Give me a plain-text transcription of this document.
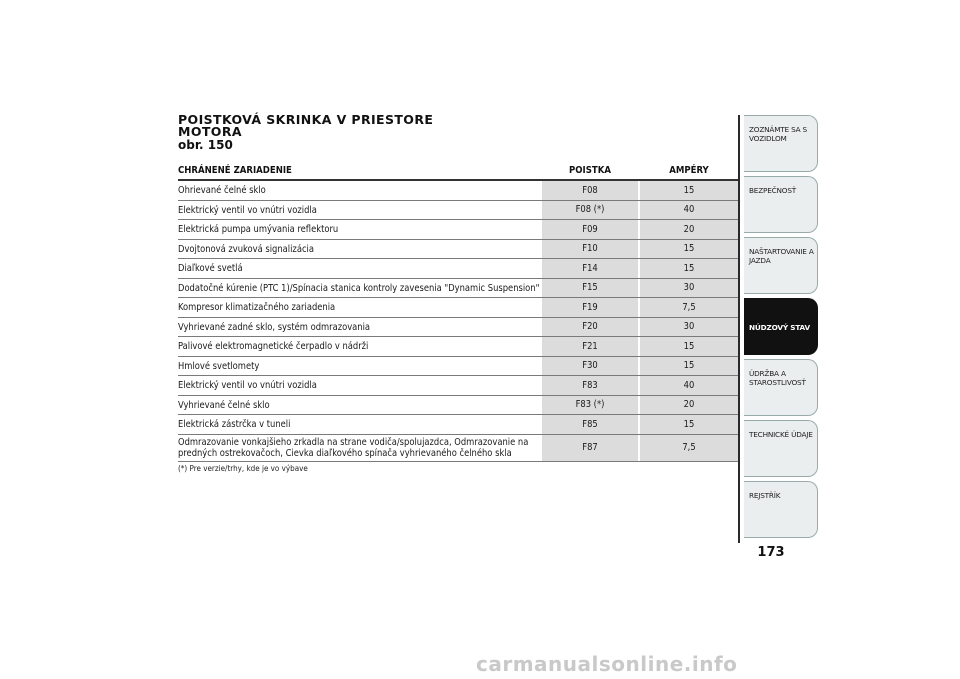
POISTKOVÁ SKRINKA V PRIESTORE MOTORA
obr. 150
CHRÁNENÉ ZARIADENIE	POISTKA	AMPÉRY
Ohrievané čelné sklo	F08	15
Elektrický ventil vo vnútri vozidla	F08 (*)	40
Elektrická pumpa umývania reflektoru	F09	20
Dvojtonová zvuková signalizácia	F10	15
Diaľkové svetlá	F14	15
Dodatočné kúrenie (PTC 1)/Spínacia stanica kontroly zavesenia "Dynamic Suspension"	F15	30
Kompresor klimatizačného zariadenia	F19	7,5
Vyhrievané zadné sklo, systém odmrazovania	F20	30
Palivové elektromagnetické čerpadlo v nádrži	F21	15
Hmlové svetlomety	F30	15
Elektrický ventil vo vnútri vozidla	F83	40
Vyhrievané čelné sklo	F83 (*)	20
Elektrická zástrčka v tuneli	F85	15
Odmrazovanie vonkajšieho zrkadla na strane vodiča/spolujazdca, Odmrazovanie na predných ostrekovačoch, Cievka diaľkového spínača vyhrievaného čelného skla	F87	7,5
(*) Pre verzie/trhy, kde je vo výbave
ZOZNÁMTE SA S VOZIDLOM
BEZPEČNOSŤ
NAŠTARTOVANIE A JAZDA
NÚDZOVÝ STAV
ÚDRŽBA A STAROSTLIVOSŤ
TECHNICKÉ ÚDAJE
REJSTŘÍK
173
carmanualsonline.info
